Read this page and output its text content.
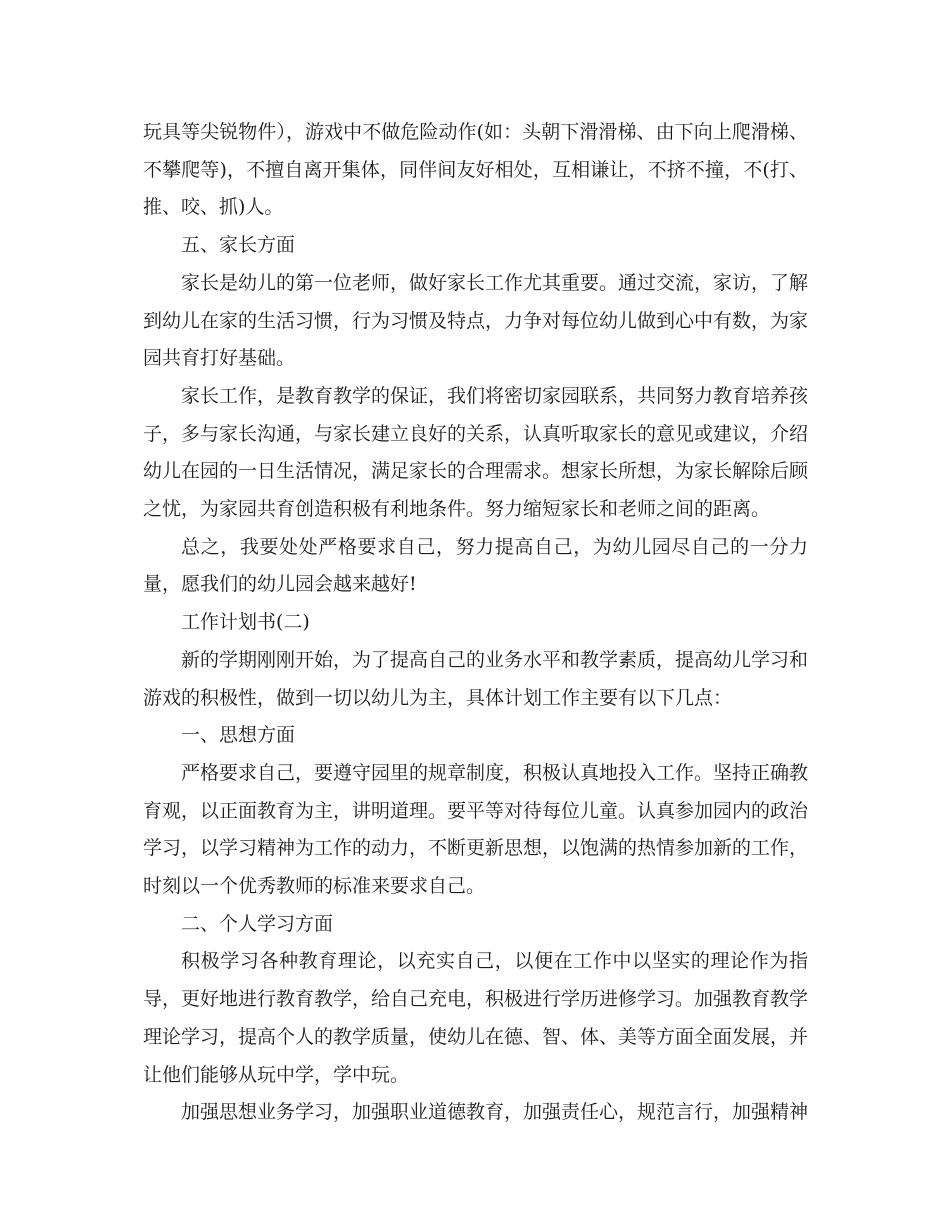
玩具等尖锐物件），游戏中不做危险动作(如：头朝下滑滑梯、由下向上爬滑梯、不攀爬等)，不擅自离开集体，同伴间友好相处，互相谦让，不挤不撞，不(打、推、咬、抓)人。

五、家长方面

家长是幼儿的第一位老师，做好家长工作尤其重要。通过交流，家访，了解到幼儿在家的生活习惯，行为习惯及特点，力争对每位幼儿做到心中有数，为家园共育打好基础。

家长工作，是教育教学的保证，我们将密切家园联系，共同努力教育培养孩子，多与家长沟通，与家长建立良好的关系，认真听取家长的意见或建议，介绍幼儿在园的一日生活情况，满足家长的合理需求。想家长所想，为家长解除后顾之忧，为家园共育创造积极有利地条件。努力缩短家长和老师之间的距离。

总之，我要处处严格要求自己，努力提高自己，为幼儿园尽自己的一分力量，愿我们的幼儿园会越来越好!

工作计划书(二)

新的学期刚刚开始，为了提高自己的业务水平和教学素质，提高幼儿学习和游戏的积极性，做到一切以幼儿为主，具体计划工作主要有以下几点：

一、思想方面

严格要求自己，要遵守园里的规章制度，积极认真地投入工作。坚持正确教育观，以正面教育为主，讲明道理。要平等对待每位儿童。认真参加园内的政治学习，以学习精神为工作的动力，不断更新思想，以饱满的热情参加新的工作，时刻以一个优秀教师的标准来要求自己。

二、个人学习方面

积极学习各种教育理论，以充实自己，以便在工作中以坚实的理论作为指导，更好地进行教育教学，给自己充电，积极进行学历进修学习。加强教育教学理论学习，提高个人的教学质量，使幼儿在德、智、体、美等方面全面发展，并让他们能够从玩中学，学中玩。

加强思想业务学习，加强职业道德教育，加强责任心，规范言行，加强精神
